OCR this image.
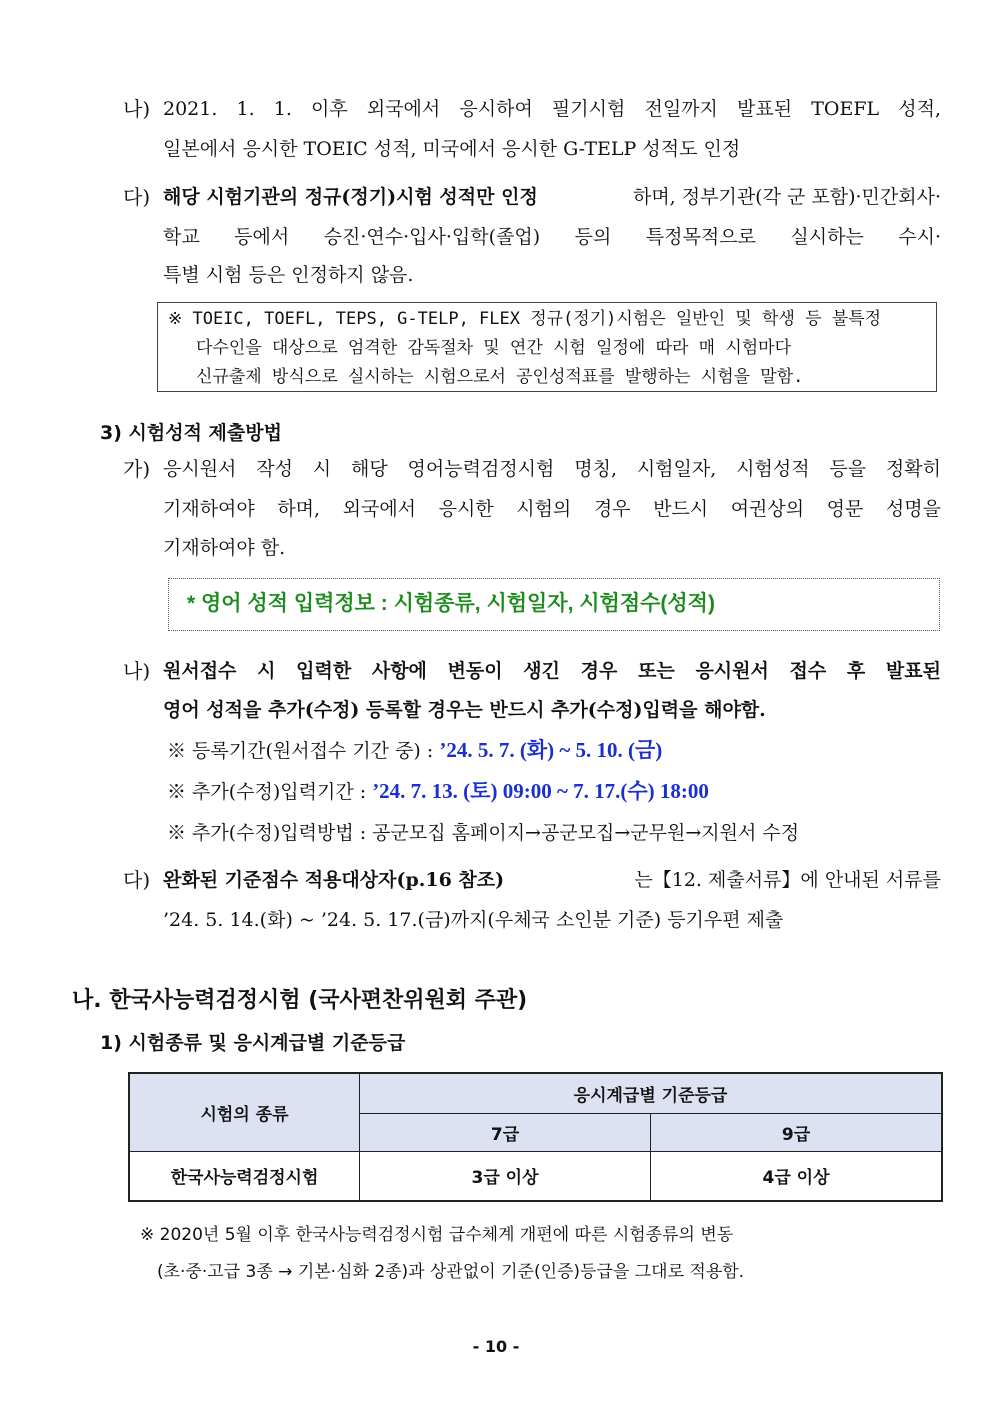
나) 2021. 1. 1. 이후 외국에서 응시하여 필기시험 전일까지 발표된 TOEFL 성적,
일본에서 응시한 TOEIC 성적, 미국에서 응시한 G-TELP 성적도 인정
다) 해당 시험기관의 정규(정기)시험 성적만 인정	하며, 정부기관(각 군 포함)·민간회사·
학교 등에서 승진·연수·입사·입학(졸업) 등의 특정목적으로 실시하는 수시·
특별 시험 등은 인정하지 않음.
※ TOEIC, TOEFL, TEPS, G-TELP, FLEX 정규(정기)시험은 일반인 및 학생 등 불특정
다수인을 대상으로 엄격한 감독절차 및 연간 시험 일정에 따라 매 시험마다
신규출제 방식으로 실시하는 시험으로서 공인성적표를 발행하는 시험을 말함.
3) 시험성적 제출방법
가) 응시원서 작성 시 해당 영어능력검정시험 명칭, 시험일자, 시험성적 등을 정확히
기재하여야 하며, 외국에서 응시한 시험의 경우 반드시 여권상의 영문 성명을
기재하여야 함.
* 영어 성적 입력정보 : 시험종류, 시험일자, 시험점수(성적)
나) 원서접수 시 입력한 사항에 변동이 생긴 경우 또는 응시원서 접수 후 발표된
영어 성적을 추가(수정) 등록할 경우는 반드시 추가(수정)입력을 해야함.
※ 등록기간(원서접수 기간 중) : ’24. 5. 7. (화) ~ 5. 10. (금)
※ 추가(수정)입력기간 : ’24. 7. 13. (토) 09:00 ~ 7. 17.(수) 18:00
※ 추가(수정)입력방법 : 공군모집 홈페이지→공군모집→군무원→지원서 수정
다) 완화된 기준점수 적용대상자(p.16 참조)	는【12. 제출서류】에 안내된 서류를
’24. 5. 14.(화) ~ ’24. 5. 17.(금)까지(우체국 소인분 기준) 등기우편 제출
나. 한국사능력검정시험 (국사편찬위원회 주관)
1) 시험종류 및 응시계급별 기준등급
시험의 종류	응시계급별 기준등급	
	7급	9급
한국사능력검정시험	3급 이상	4급 이상
※ 2020년 5월 이후 한국사능력검정시험 급수체계 개편에 따른 시험종류의 변동
(초·중·고급 3종 → 기본·심화 2종)과 상관없이 기준(인증)등급을 그대로 적용함.
- 10 -
